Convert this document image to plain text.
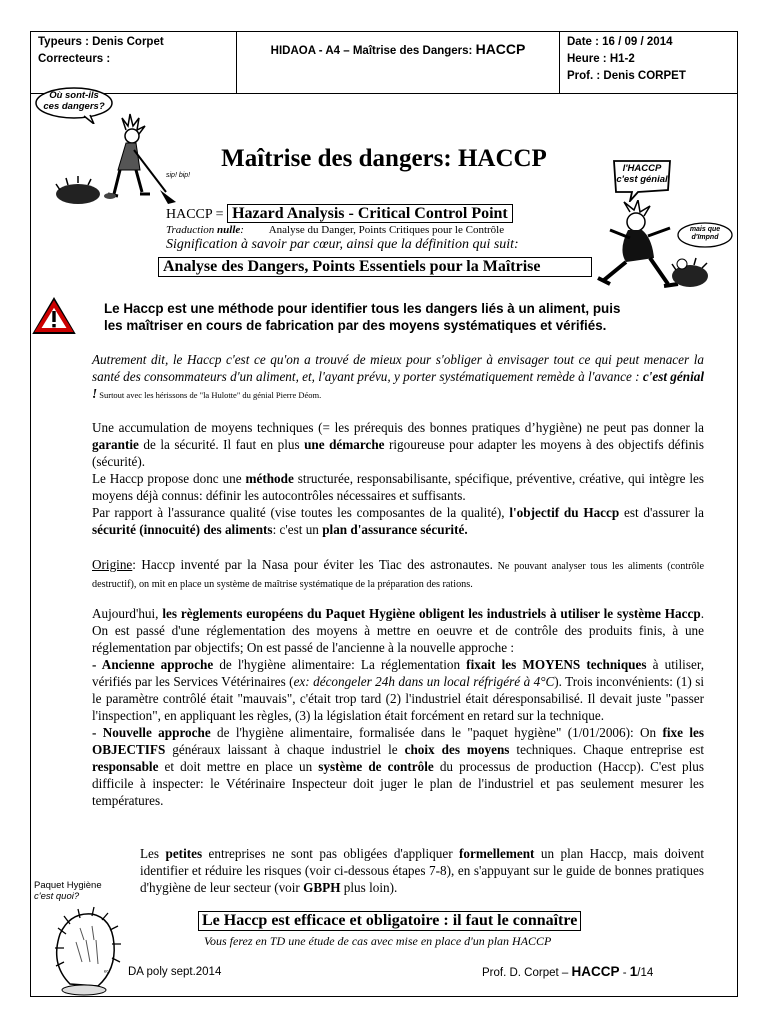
Typeurs : Denis Corpet
Correcteurs :
HIDAOA - A4 – Maîtrise des Dangers: HACCP	Date : 16 / 09 / 2014
Heure : H1-2
Prof. : Denis CORPET
Où sont-ils ces dangers?
sip! bip!
l'HACCP c'est génial
mais que d'ïmpnd
Maîtrise des dangers: HACCP
HACCP = Hazard Analysis - Critical Control Point
Traduction nulle: Analyse du Danger, Points Critiques pour le Contrôle
Signification à savoir par cœur, ainsi que la définition qui suit:
Analyse des Dangers, Points Essentiels pour la Maîtrise
Le Haccp est une méthode pour identifier tous les dangers liés à un aliment, puis
les maîtriser en cours de fabrication par des moyens systématiques et vérifiés.

Autrement dit, le Haccp c'est ce qu'on a trouvé de mieux pour s'obliger à envisager tout ce qui peut menacer la santé des consommateurs d'un aliment, et, l'ayant prévu, y porter systématiquement remède à l'avance : c'est génial ! Surtout avec les hérissons de "la Hulotte" du génial Pierre Déom.

Une accumulation de moyens techniques (= les prérequis des bonnes pratiques d’hygiène) ne peut pas donner la garantie de la sécurité. Il faut en plus une démarche rigoureuse pour adapter les moyens à des objectifs définis (sécurité).

Le Haccp propose donc une méthode structurée, responsabilisante, spécifique, préventive, créative, qui intègre les moyens déjà connus: définir les autocontrôles nécessaires et suffisants.

Par rapport à l'assurance qualité (vise toutes les composantes de la qualité), l'objectif du Haccp est d'assurer la sécurité (innocuité) des aliments: c'est un plan d'assurance sécurité.

Origine: Haccp inventé par la Nasa pour éviter les Tiac des astronautes. Ne pouvant analyser tous les aliments (contrôle destructif), on mit en place un système de maîtrise systématique de la préparation des rations.

Aujourd'hui, les règlements européens du Paquet Hygiène obligent les industriels à utiliser le système Haccp. On est passé d'une réglementation des moyens à mettre en oeuvre et de contrôle des produits finis, à une réglementation par objectifs; On est passé de l'ancienne à la nouvelle approche :

- Ancienne approche de l'hygiène alimentaire: La réglementation fixait les MOYENS techniques à utiliser, vérifiés par les Services Vétérinaires (ex: décongeler 24h dans un local réfrigéré à 4°C). Trois inconvénients: (1) si le paramètre contrôlé était "mauvais", c'était trop tard (2) l'industriel était déresponsabilisé. Il devait juste "passer l'inspection", en appliquant les règles, (3) la législation était forcément en retard sur la technique.

- Nouvelle approche de l'hygiène alimentaire, formalisée dans le "paquet hygiène" (1/01/2006): On fixe les OBJECTIFS généraux laissant à chaque industriel le choix des moyens techniques. Chaque entreprise est responsable et doit mettre en place un système de contrôle du processus de production (Haccp). C'est plus difficile à inspecter: le Vétérinaire Inspecteur doit juger le plan de l'industriel et pas seulement mesurer les températures.

Les petites entreprises ne sont pas obligées d'appliquer formellement un plan Haccp, mais doivent identifier et réduire les risques (voir ci-dessous étapes 7-8), en s'appuyant sur le guide de bonnes pratiques d'hygiène de leur secteur (voir GBPH plus loin).

Paquet Hygiène
c'est quoi?
ᵉᶜ
Le Haccp est efficace et obligatoire : il faut le connaître
Vous ferez en TD une étude de cas avec mise en place d'un plan HACCP
DA poly sept.2014	Prof. D. Corpet – HACCP - 1/14
